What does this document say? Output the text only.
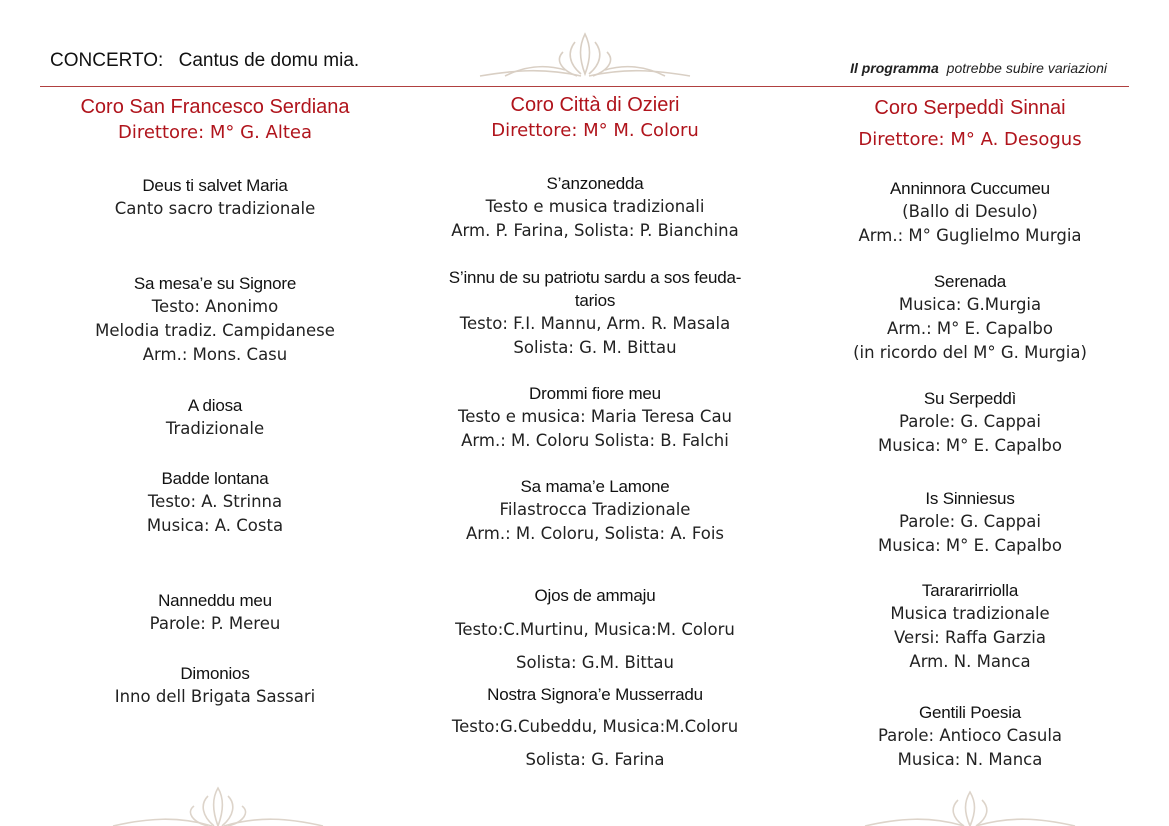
CONCERTO: Cantus de domu mia.	Il programma potrebbe subire variazioni
Coro San Francesco Serdiana
Direttore: M° G. Altea
Deus ti salvet Maria
Canto sacro tradizionale
Sa mesa’e su Signore
Testo: Anonimo
Melodia tradiz. Campidanese
Arm.: Mons. Casu
A diosa
Tradizionale
Badde lontana
Testo: A. Strinna
Musica: A. Costa
Nanneddu meu
Parole: P. Mereu
Dimonios
Inno dell Brigata Sassari
Coro Città di Ozieri
Direttore: M° M. Coloru
S’anzonedda
Testo e musica tradizionali
Arm. P. Farina, Solista: P. Bianchina
S’innu de su patriotu sardu a sos feuda-
tarios
Testo: F.I. Mannu, Arm. R. Masala
Solista: G. M. Bittau
Drommi fiore meu
Testo e musica: Maria Teresa Cau
Arm.: M. Coloru Solista: B. Falchi
Sa mama’e Lamone
Filastrocca Tradizionale
Arm.: M. Coloru, Solista: A. Fois
Ojos de ammaju
Testo:C.Murtinu, Musica:M. Coloru
Solista: G.M. Bittau
Nostra Signora’e Musserradu
Testo:G.Cubeddu, Musica:M.Coloru
Solista: G. Farina
Coro Serpeddì Sinnai
Direttore: M° A. Desogus
Anninnora Cuccumeu
(Ballo di Desulo)
Arm.: M° Guglielmo Murgia
Serenada
Musica: G.Murgia
Arm.: M° E. Capalbo
(in ricordo del M° G. Murgia)
Su Serpeddì
Parole: G. Cappai
Musica: M° E. Capalbo
Is Sinniesus
Parole: G. Cappai
Musica: M° E. Capalbo
Tarararirriolla
Musica tradizionale
Versi: Raffa Garzia
Arm. N. Manca
Gentili Poesia
Parole: Antioco Casula
Musica: N. Manca
